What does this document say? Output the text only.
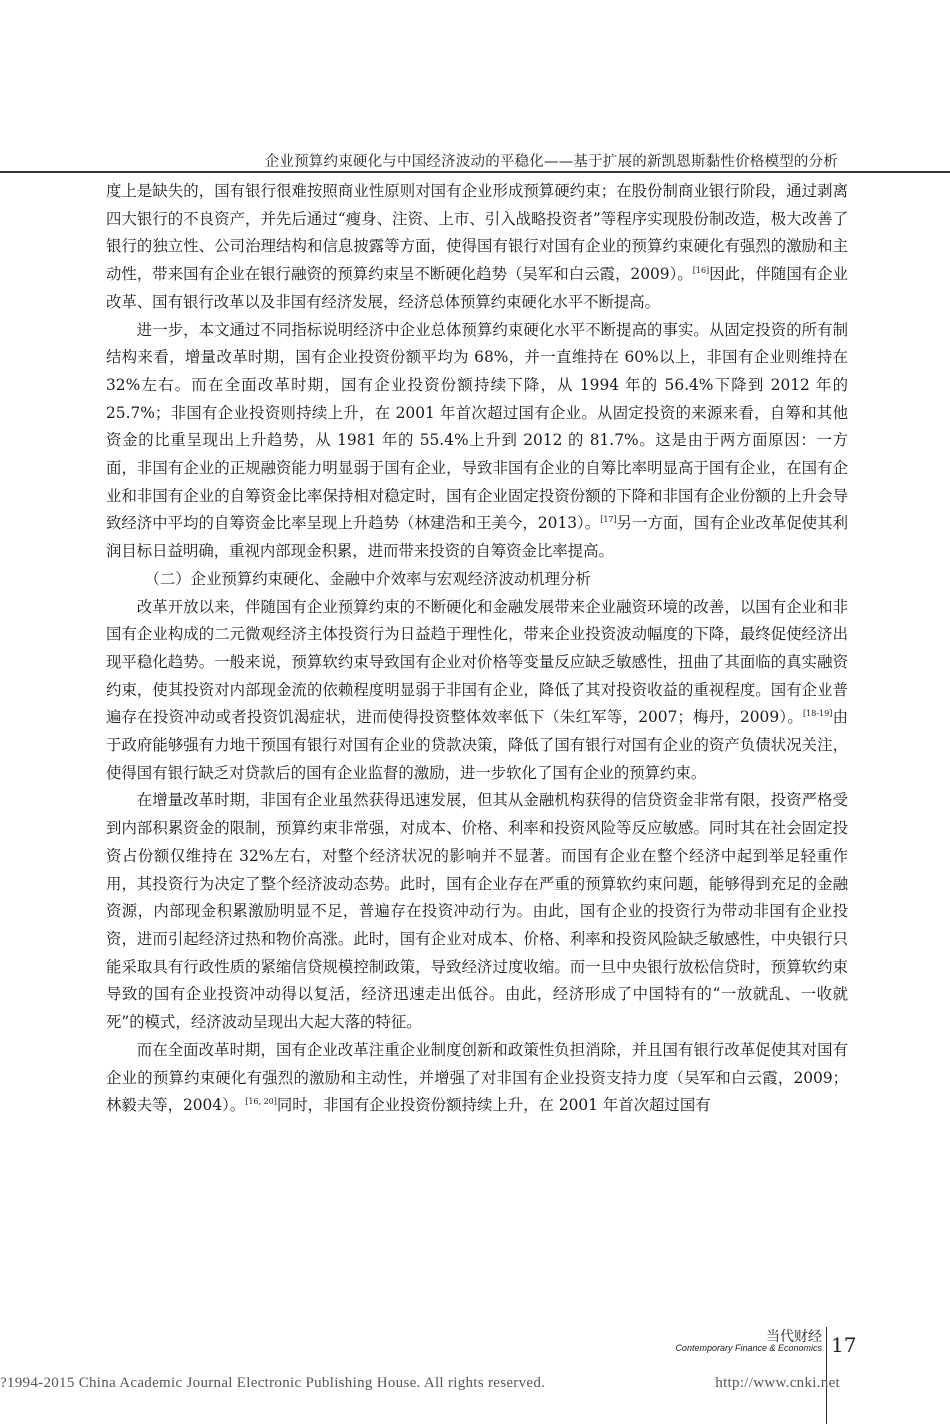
企业预算约束硬化与中国经济波动的平稳化——基于扩展的新凯恩斯黏性价格模型的分析

度上是缺失的，国有银行很难按照商业性原则对国有企业形成预算硬约束；在股份制商业银行阶段，通过剥离四大银行的不良资产，并先后通过“瘦身、注资、上市、引入战略投资者”等程序实现股份制改造，极大改善了银行的独立性、公司治理结构和信息披露等方面，使得国有银行对国有企业的预算约束硬化有强烈的激励和主动性，带来国有企业在银行融资的预算约束呈不断硬化趋势（吴军和白云霞，2009）。[16]因此，伴随国有企业改革、国有银行改革以及非国有经济发展，经济总体预算约束硬化水平不断提高。

进一步，本文通过不同指标说明经济中企业总体预算约束硬化水平不断提高的事实。从固定投资的所有制结构来看，增量改革时期，国有企业投资份额平均为 68%，并一直维持在 60%以上，非国有企业则维持在 32%左右。而在全面改革时期，国有企业投资份额持续下降，从 1994 年的 56.4%下降到 2012 年的 25.7%；非国有企业投资则持续上升，在 2001 年首次超过国有企业。从固定投资的来源来看，自筹和其他资金的比重呈现出上升趋势，从 1981 年的 55.4%上升到 2012 的 81.7%。这是由于两方面原因：一方面，非国有企业的正规融资能力明显弱于国有企业，导致非国有企业的自筹比率明显高于国有企业，在国有企业和非国有企业的自筹资金比率保持相对稳定时，国有企业固定投资份额的下降和非国有企业份额的上升会导致经济中平均的自筹资金比率呈现上升趋势（林建浩和王美今，2013）。[17]另一方面，国有企业改革促使其利润目标日益明确，重视内部现金积累，进而带来投资的自筹资金比率提高。

（二）企业预算约束硬化、金融中介效率与宏观经济波动机理分析

改革开放以来，伴随国有企业预算约束的不断硬化和金融发展带来企业融资环境的改善，以国有企业和非国有企业构成的二元微观经济主体投资行为日益趋于理性化，带来企业投资波动幅度的下降，最终促使经济出现平稳化趋势。一般来说，预算软约束导致国有企业对价格等变量反应缺乏敏感性，扭曲了其面临的真实融资约束，使其投资对内部现金流的依赖程度明显弱于非国有企业，降低了其对投资收益的重视程度。国有企业普遍存在投资冲动或者投资饥渴症状，进而使得投资整体效率低下（朱红军等，2007；梅丹，2009）。[18-19]由于政府能够强有力地干预国有银行对国有企业的贷款决策，降低了国有银行对国有企业的资产负债状况关注，使得国有银行缺乏对贷款后的国有企业监督的激励，进一步软化了国有企业的预算约束。

在增量改革时期，非国有企业虽然获得迅速发展，但其从金融机构获得的信贷资金非常有限，投资严格受到内部积累资金的限制，预算约束非常强，对成本、价格、利率和投资风险等反应敏感。同时其在社会固定投资占份额仅维持在 32%左右，对整个经济状况的影响并不显著。而国有企业在整个经济中起到举足轻重作用，其投资行为决定了整个经济波动态势。此时，国有企业存在严重的预算软约束问题，能够得到充足的金融资源，内部现金积累激励明显不足，普遍存在投资冲动行为。由此，国有企业的投资行为带动非国有企业投资，进而引起经济过热和物价高涨。此时，国有企业对成本、价格、利率和投资风险缺乏敏感性，中央银行只能采取具有行政性质的紧缩信贷规模控制政策，导致经济过度收缩。而一旦中央银行放松信贷时，预算软约束导致的国有企业投资冲动得以复活，经济迅速走出低谷。由此，经济形成了中国特有的“一放就乱、一收就死”的模式，经济波动呈现出大起大落的特征。

而在全面改革时期，国有企业改革注重企业制度创新和政策性负担消除，并且国有银行改革促使其对国有企业的预算约束硬化有强烈的激励和主动性，并增强了对非国有企业投资支持力度（吴军和白云霞，2009；林毅夫等，2004）。[16, 20]同时，非国有企业投资份额持续上升，在 2001 年首次超过国有

当代财经
Contemporary Finance & Economics 17
?1994-2015 China Academic Journal Electronic Publishing House. All rights reserved.	http://www.cnki.net
